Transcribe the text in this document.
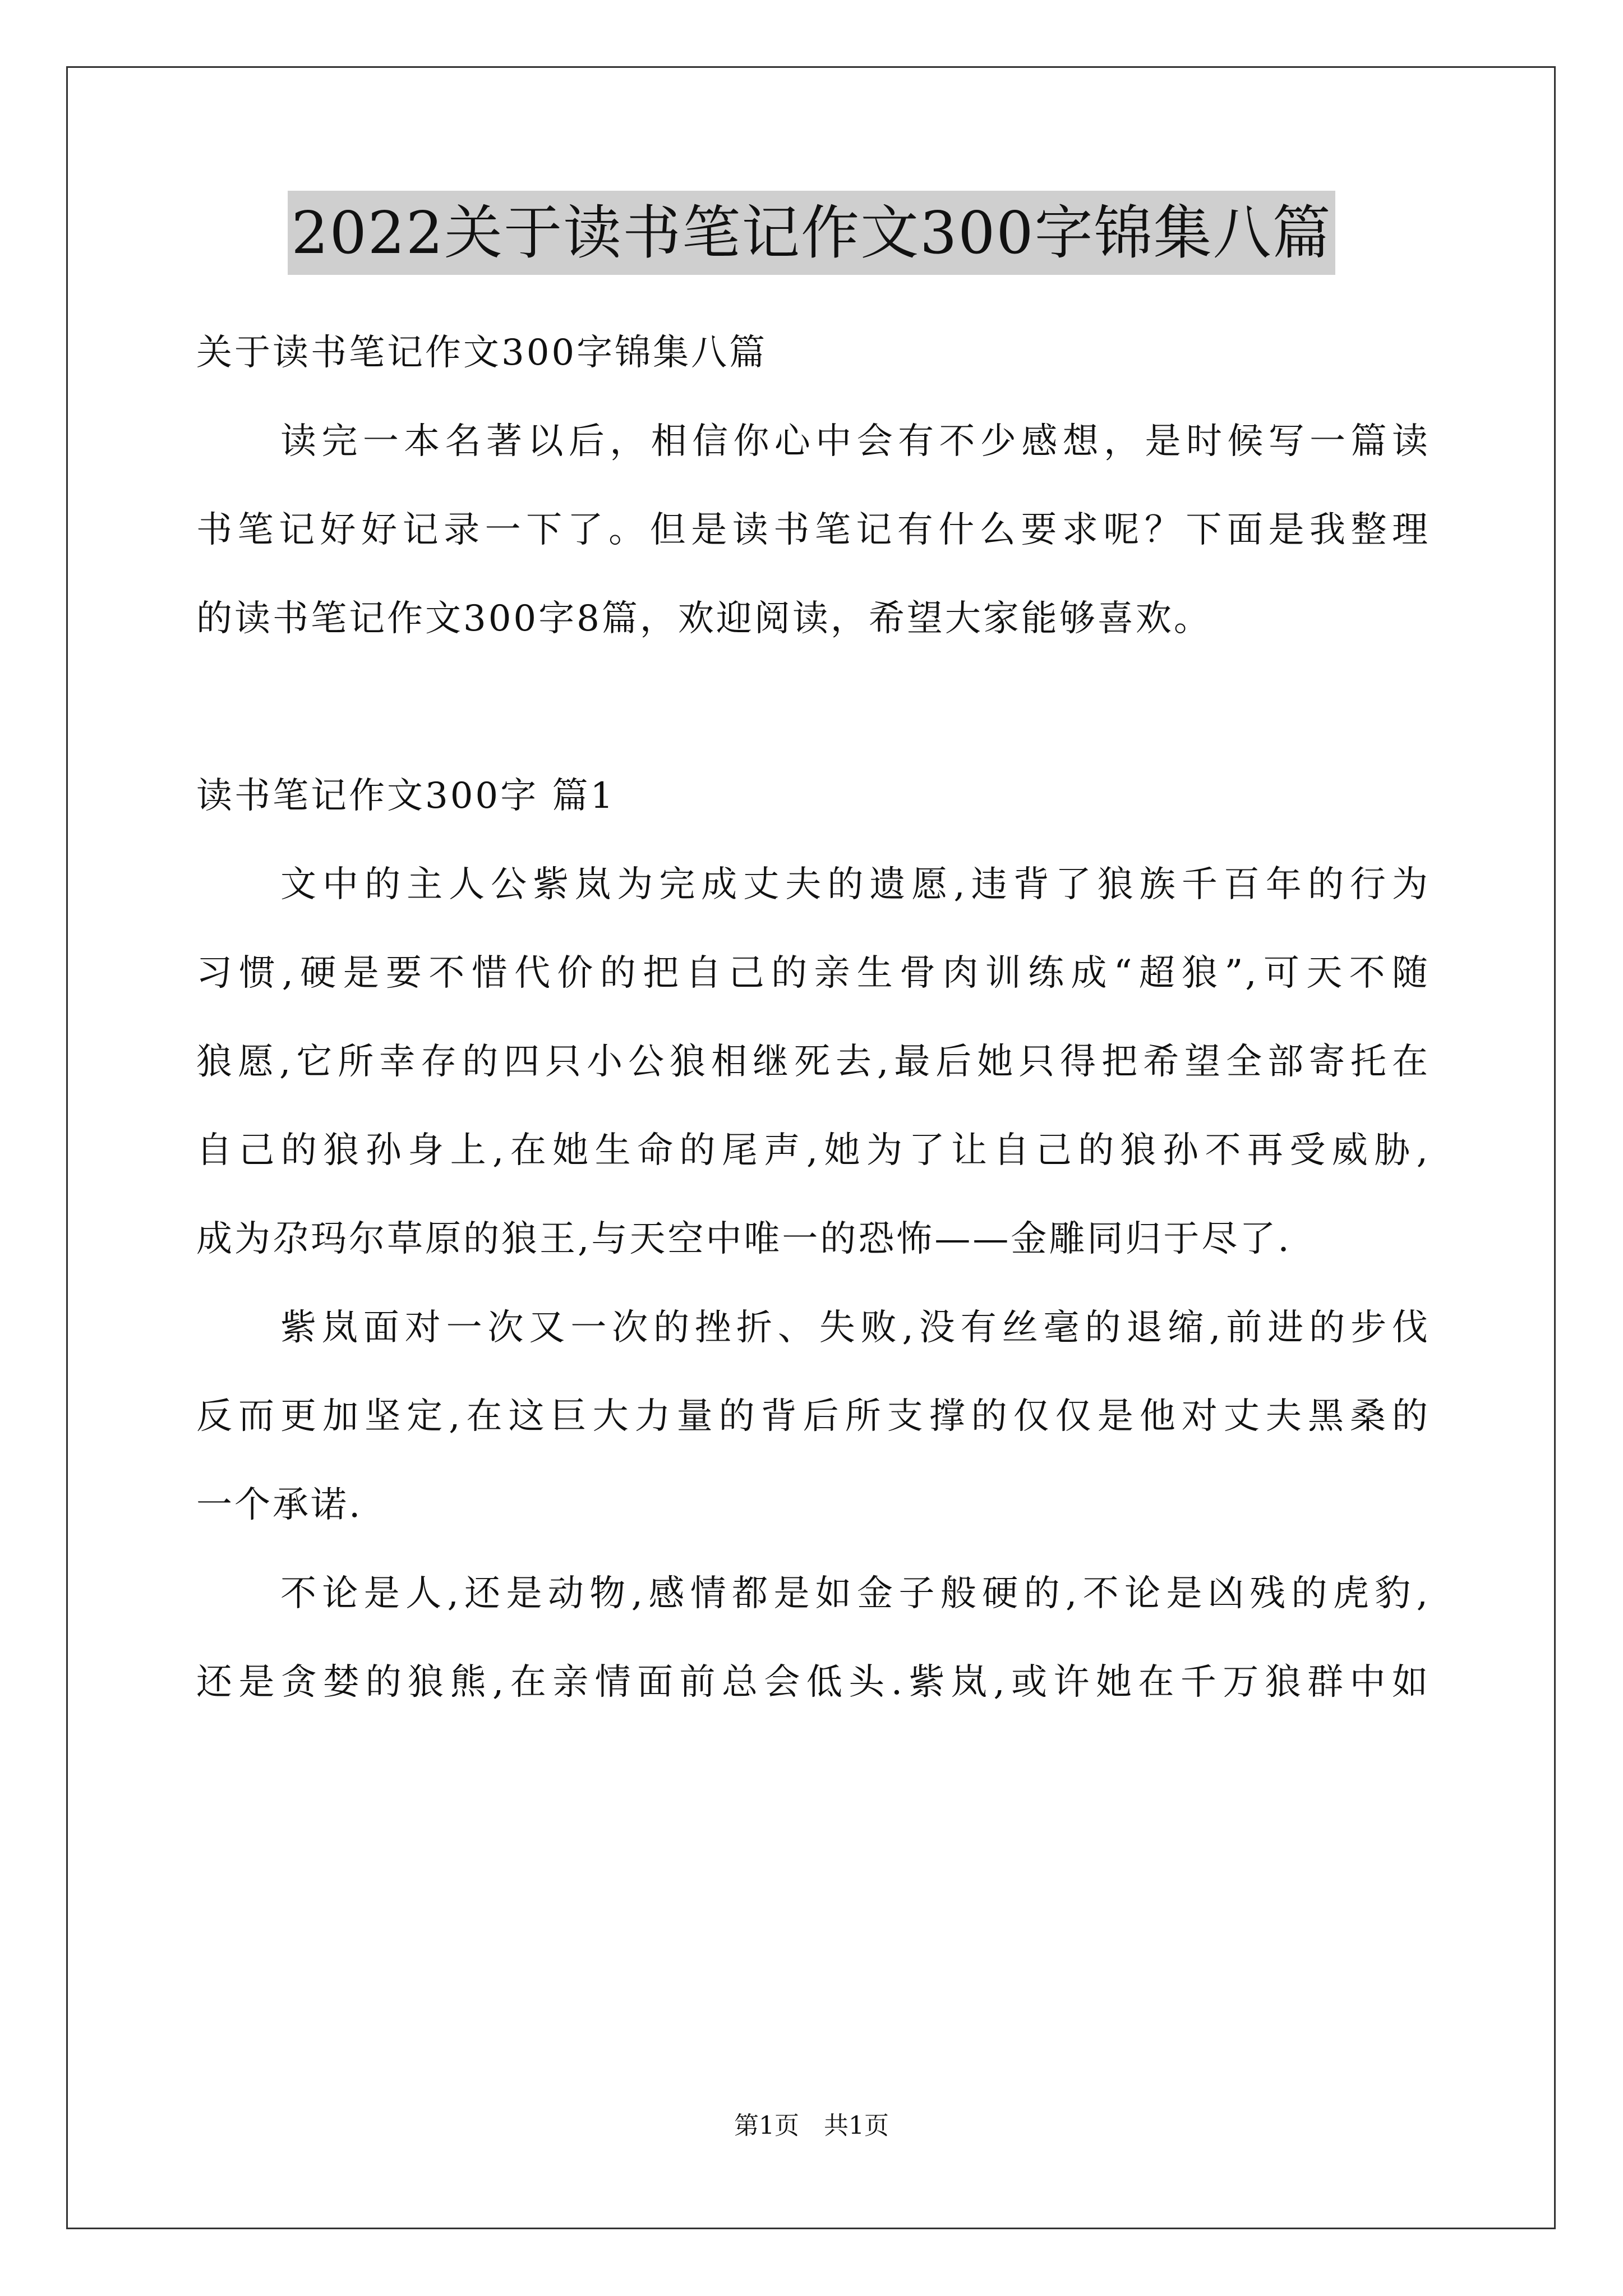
2022关于读书笔记作文300字锦集八篇
关于读书笔记作文300字锦集八篇
读完一本名著以后，相信你心中会有不少感想，是时候写一篇读
书笔记好好记录一下了。但是读书笔记有什么要求呢？下面是我整理
的读书笔记作文300字8篇，欢迎阅读，希望大家能够喜欢。
读书笔记作文300字 篇1
文中的主人公紫岚为完成丈夫的遗愿,违背了狼族千百年的行为
习惯,硬是要不惜代价的把自己的亲生骨肉训练成“超狼”,可天不随
狼愿,它所幸存的四只小公狼相继死去,最后她只得把希望全部寄托在
自己的狼孙身上,在她生命的尾声,她为了让自己的狼孙不再受威胁,
成为尕玛尔草原的狼王,与天空中唯一的恐怖——金雕同归于尽了.
紫岚面对一次又一次的挫折、失败,没有丝毫的退缩,前进的步伐
反而更加坚定,在这巨大力量的背后所支撑的仅仅是他对丈夫黑桑的
一个承诺.
不论是人,还是动物,感情都是如金子般硬的,不论是凶残的虎豹,
还是贪婪的狼熊,在亲情面前总会低头.紫岚,或许她在千万狼群中如
第1页　共1页
